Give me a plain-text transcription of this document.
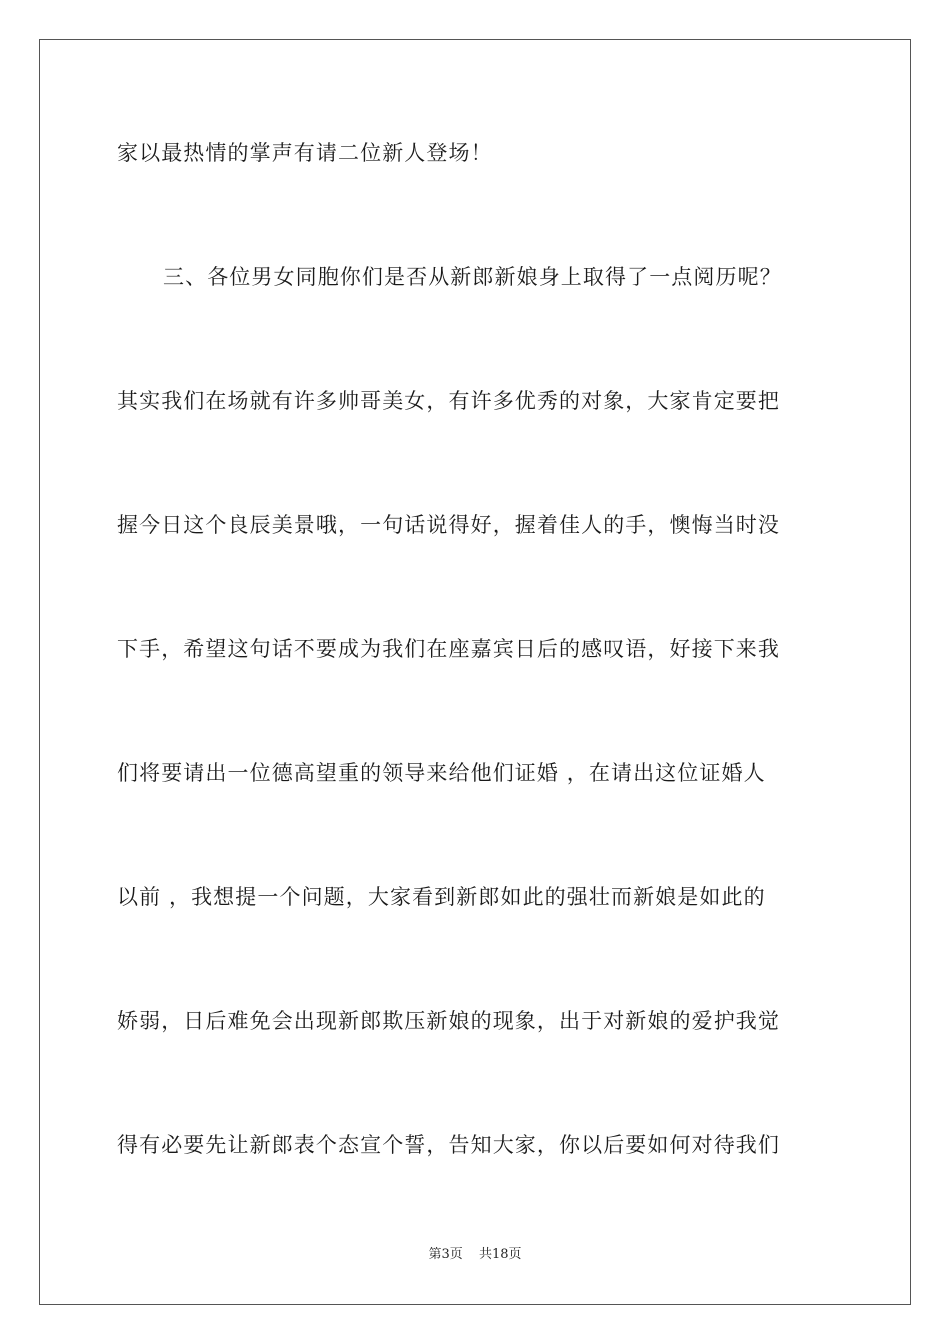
家以最热情的掌声有请二位新人登场！
三、各位男女同胞你们是否从新郎新娘身上取得了一点阅历呢？
其实我们在场就有许多帅哥美女，有许多优秀的对象，大家肯定要把
握今日这个良辰美景哦，一句话说得好，握着佳人的手，懊悔当时没
下手，希望这句话不要成为我们在座嘉宾日后的感叹语，好接下来我
们将要请出一位德高望重的领导来给他们证婚 ，在请出这位证婚人
以前 ，我想提一个问题，大家看到新郎如此的强壮而新娘是如此的
娇弱，日后难免会出现新郎欺压新娘的现象，出于对新娘的爱护我觉
得有必要先让新郎表个态宣个誓，告知大家，你以后要如何对待我们
第3页 共18页
